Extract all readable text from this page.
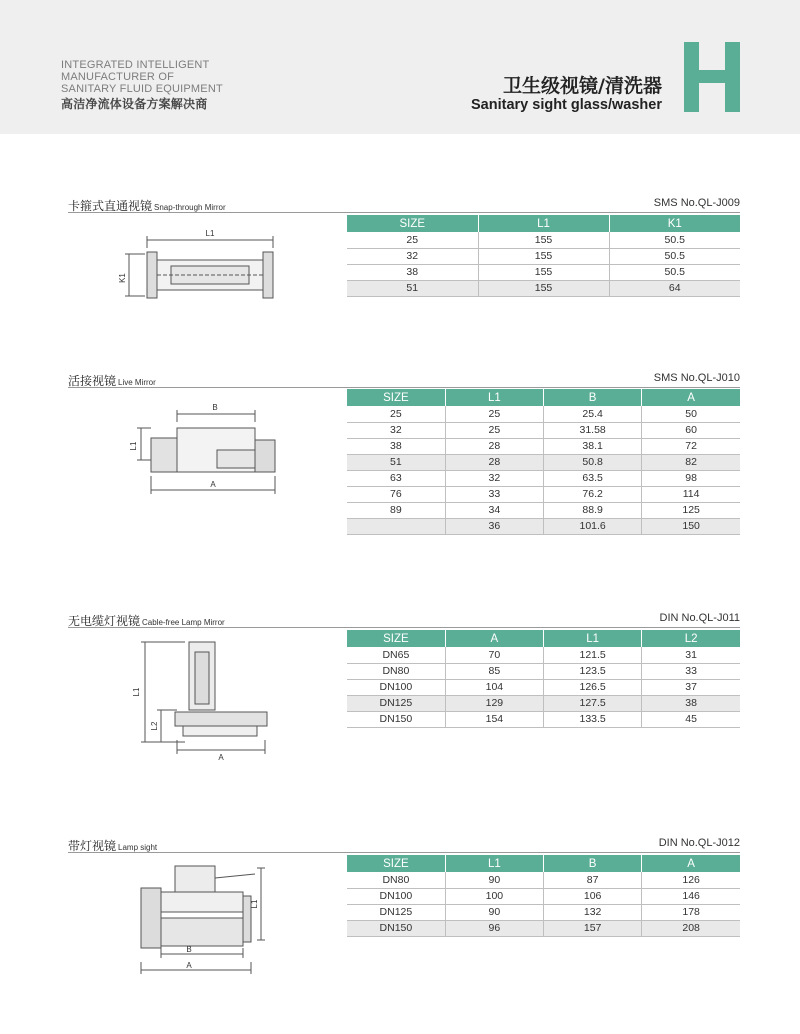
INTEGRATED INTELLIGENT
MANUFACTURER OF
SANITARY FLUID EQUIPMENT
高洁净流体设备方案解决商
卫生级视镜/清洗器
Sanitary sight glass/washer
卡箍式直通视镜 Snap-through Mirror	SMS No.QL-J009
L1
K1
SIZE	L1	K1
25	155	50.5
32	155	50.5
38	155	50.5
51	155	64
活接视镜 Live Mirror	SMS No.QL-J010
B
L1
A
SIZE	L1	B	A
25	25	25.4	50
32	25	31.58	60
38	28	38.1	72
51	28	50.8	82
63	32	63.5	98
76	33	76.2	114
89	34	88.9	125
	36	101.6	150
无电缆灯视镜 Cable-free Lamp Mirror	DIN No.QL-J011
L1
L2
A
SIZE	A	L1	L2
DN65	70	121.5	31
DN80	85	123.5	33
DN100	104	126.5	37
DN125	129	127.5	38
DN150	154	133.5	45
带灯视镜 Lamp sight	DIN No.QL-J012
L1
B
A
SIZE	L1	B	A
DN80	90	87	126
DN100	100	106	146
DN125	90	132	178
DN150	96	157	208
